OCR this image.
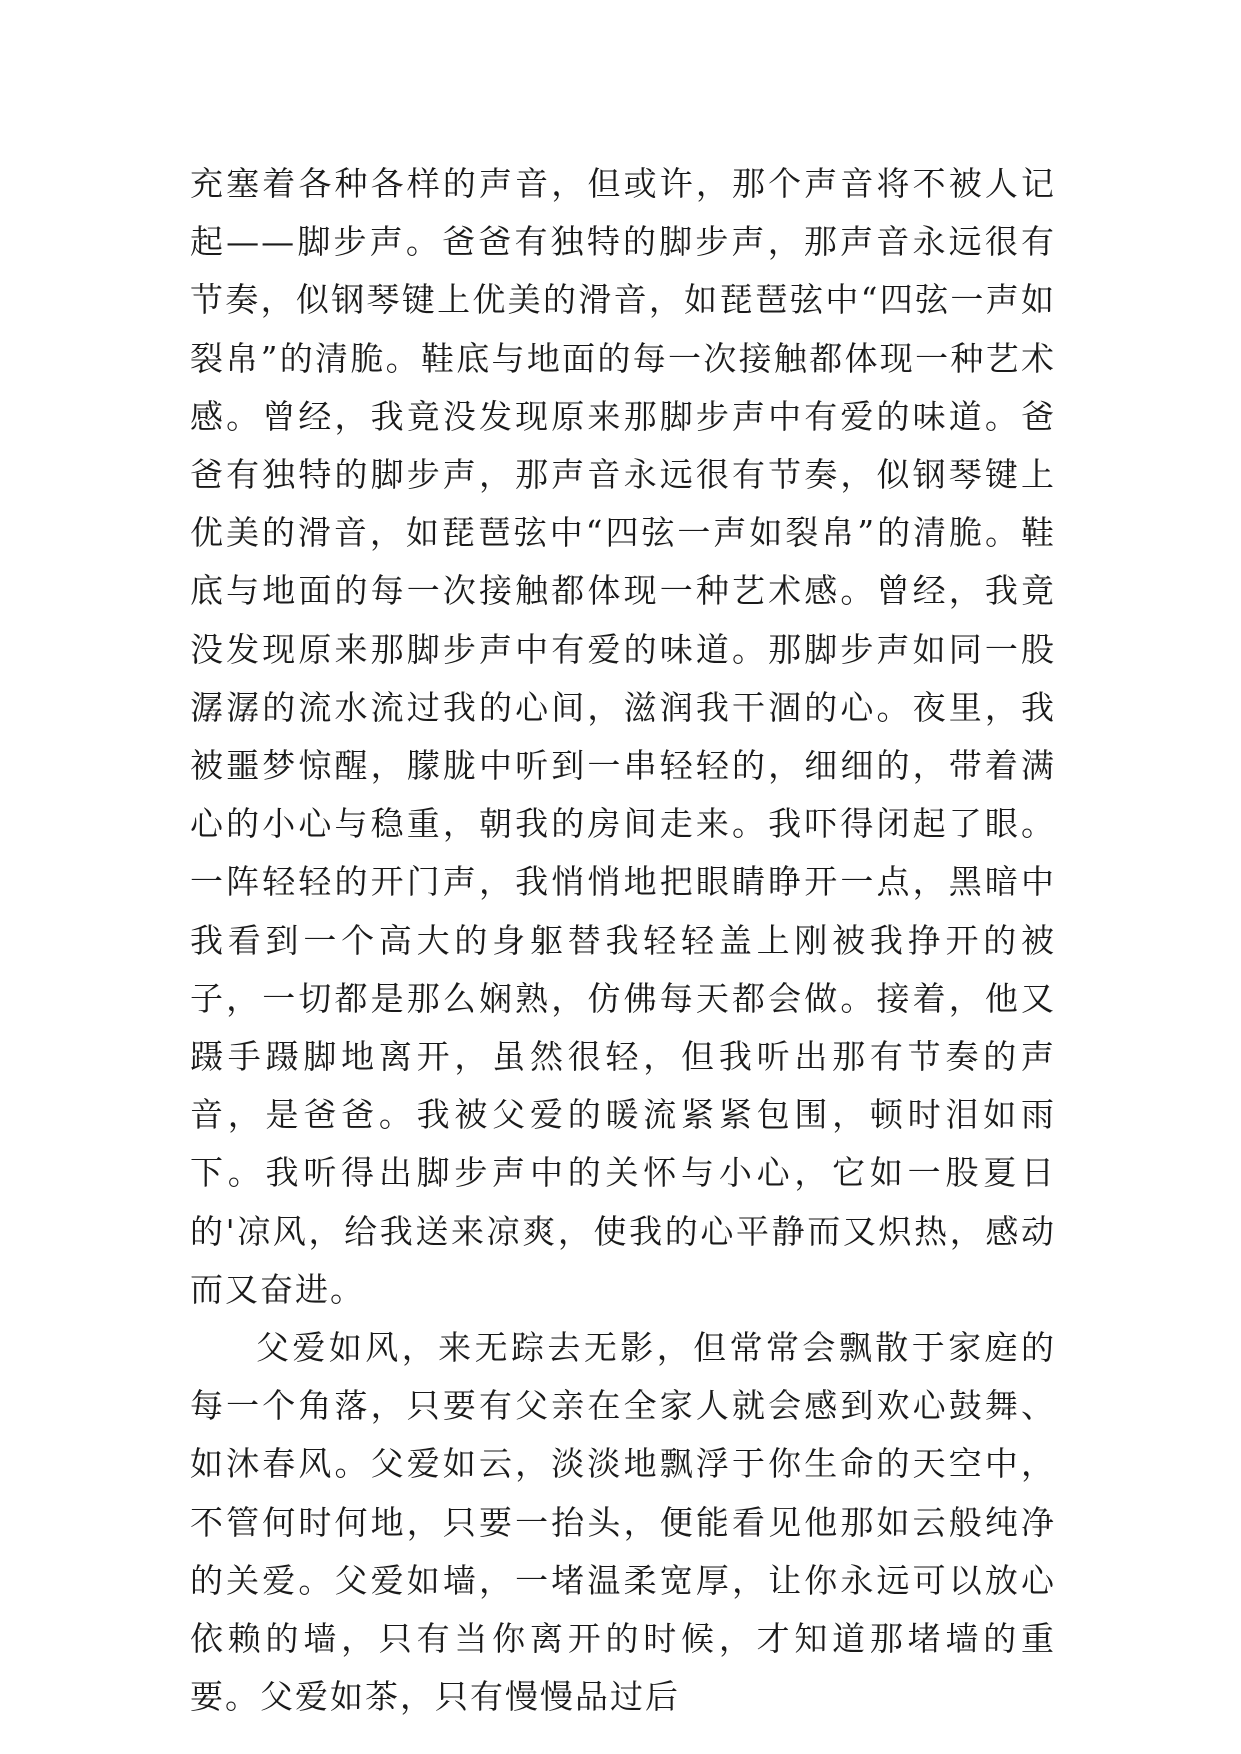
充塞着各种各样的声音，但或许，那个声音将不被人记起——脚步声。爸爸有独特的脚步声，那声音永远很有节奏，似钢琴键上优美的滑音，如琵琶弦中“四弦一声如裂帛”的清脆。鞋底与地面的每一次接触都体现一种艺术感。曾经，我竟没发现原来那脚步声中有爱的味道。爸爸有独特的脚步声，那声音永远很有节奏，似钢琴键上优美的滑音，如琵琶弦中“四弦一声如裂帛”的清脆。鞋底与地面的每一次接触都体现一种艺术感。曾经，我竟没发现原来那脚步声中有爱的味道。那脚步声如同一股潺潺的流水流过我的心间，滋润我干涸的心。夜里，我被噩梦惊醒，朦胧中听到一串轻轻的，细细的，带着满心的小心与稳重，朝我的房间走来。我吓得闭起了眼。一阵轻轻的开门声，我悄悄地把眼睛睁开一点，黑暗中我看到一个高大的身躯替我轻轻盖上刚被我挣开的被子，一切都是那么娴熟，仿佛每天都会做。接着，他又蹑手蹑脚地离开，虽然很轻，但我听出那有节奏的声音，是爸爸。我被父爱的暖流紧紧包围，顿时泪如雨下。我听得出脚步声中的关怀与小心，它如一股夏日的'凉风，给我送来凉爽，使我的心平静而又炽热，感动而又奋进。

父爱如风，来无踪去无影，但常常会飘散于家庭的每一个角落，只要有父亲在全家人就会感到欢心鼓舞、如沐春风。父爱如云，淡淡地飘浮于你生命的天空中，不管何时何地，只要一抬头，便能看见他那如云般纯净的关爱。父爱如墙，一堵温柔宽厚，让你永远可以放心依赖的墙，只有当你离开的时候，才知道那堵墙的重要。父爱如茶，只有慢慢品过后
